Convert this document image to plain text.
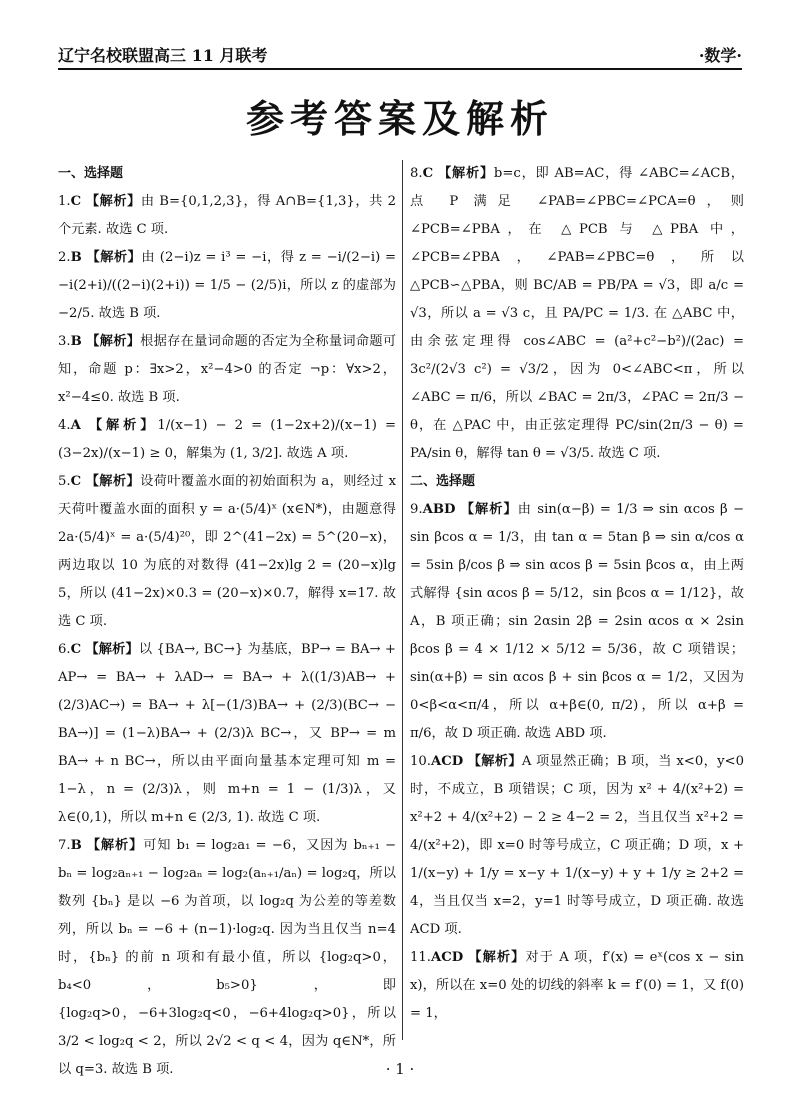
辽宁名校联盟高三 11 月联考	·数学·
参考答案及解析
一、选择题

1.C 【解析】由 B={0,1,2,3}，得 A∩B={1,3}，共 2 个元素. 故选 C 项.

2.B 【解析】由 (2−i)z = i³ = −i，得 z = −i/(2−i) = −i(2+i)/((2−i)(2+i)) = 1/5 − (2/5)i，所以 z 的虚部为 −2/5. 故选 B 项.

3.B 【解析】根据存在量词命题的否定为全称量词命题可知，命题 p：∃x>2，x²−4>0 的否定 ¬p：∀x>2，x²−4≤0. 故选 B 项.

4.A 【解析】1/(x−1) − 2 = (1−2x+2)/(x−1) = (3−2x)/(x−1) ≥ 0，解集为 (1, 3/2]. 故选 A 项.

5.C 【解析】设荷叶覆盖水面的初始面积为 a，则经过 x 天荷叶覆盖水面的面积 y = a·(5/4)ˣ (x∈N*)，由题意得 2a·(5/4)ˣ = a·(5/4)²⁰，即 2^(41−2x) = 5^(20−x)，两边取以 10 为底的对数得 (41−2x)lg 2 = (20−x)lg 5，所以 (41−2x)×0.3 = (20−x)×0.7，解得 x=17. 故选 C 项.

6.C 【解析】以 {BA→, BC→} 为基底，BP→ = BA→ + AP→ = BA→ + λAD→ = BA→ + λ((1/3)AB→ + (2/3)AC→) = BA→ + λ[−(1/3)BA→ + (2/3)(BC→ − BA→)] = (1−λ)BA→ + (2/3)λ BC→，又 BP→ = m BA→ + n BC→，所以由平面向量基本定理可知 m = 1−λ，n = (2/3)λ，则 m+n = 1 − (1/3)λ，又 λ∈(0,1)，所以 m+n ∈ (2/3, 1). 故选 C 项.

7.B 【解析】可知 b₁ = log₂a₁ = −6，又因为 bₙ₊₁ − bₙ = log₂aₙ₊₁ − log₂aₙ = log₂(aₙ₊₁/aₙ) = log₂q，所以数列 {bₙ} 是以 −6 为首项，以 log₂q 为公差的等差数列，所以 bₙ = −6 + (n−1)·log₂q. 因为当且仅当 n=4 时，{bₙ} 的前 n 项和有最小值，所以 {log₂q>0，b₄<0，b₅>0}，即 {log₂q>0，−6+3log₂q<0，−6+4log₂q>0}，所以 3/2 < log₂q < 2，所以 2√2 < q < 4，因为 q∈N*，所以 q=3. 故选 B 项.

8.C 【解析】b=c，即 AB=AC，得 ∠ABC=∠ACB，点 P 满足 ∠PAB=∠PBC=∠PCA=θ，则 ∠PCB=∠PBA，在 △PCB 与 △PBA 中，∠PCB=∠PBA，∠PAB=∠PBC=θ，所以 △PCB∽△PBA，则 BC/AB = PB/PA = √3，即 a/c = √3，所以 a = √3 c，且 PA/PC = 1/3. 在 △ABC 中，由余弦定理得 cos∠ABC = (a²+c²−b²)/(2ac) = 3c²/(2√3 c²) = √3/2，因为 0<∠ABC<π，所以 ∠ABC = π/6，所以 ∠BAC = 2π/3，∠PAC = 2π/3 − θ，在 △PAC 中，由正弦定理得 PC/sin(2π/3 − θ) = PA/sin θ，解得 tan θ = √3/5. 故选 C 项.

二、选择题

9.ABD 【解析】由 sin(α−β) = 1/3 ⇒ sin αcos β − sin βcos α = 1/3，由 tan α = 5tan β ⇒ sin α/cos α = 5sin β/cos β ⇒ sin αcos β = 5sin βcos α，由上两式解得 {sin αcos β = 5/12，sin βcos α = 1/12}，故 A，B 项正确；sin 2αsin 2β = 2sin αcos α × 2sin βcos β = 4 × 1/12 × 5/12 = 5/36，故 C 项错误；sin(α+β) = sin αcos β + sin βcos α = 1/2，又因为 0<β<α<π/4，所以 α+β∈(0, π/2)，所以 α+β = π/6，故 D 项正确. 故选 ABD 项.

10.ACD 【解析】A 项显然正确；B 项，当 x<0，y<0 时，不成立，B 项错误；C 项，因为 x² + 4/(x²+2) = x²+2 + 4/(x²+2) − 2 ≥ 4−2 = 2，当且仅当 x²+2 = 4/(x²+2)，即 x=0 时等号成立，C 项正确；D 项，x + 1/(x−y) + 1/y = x−y + 1/(x−y) + y + 1/y ≥ 2+2 = 4，当且仅当 x=2，y=1 时等号成立，D 项正确. 故选 ACD 项.

11.ACD 【解析】对于 A 项，f′(x) = eˣ(cos x − sin x)，所以在 x=0 处的切线的斜率 k = f′(0) = 1，又 f(0) = 1，

· 1 ·
